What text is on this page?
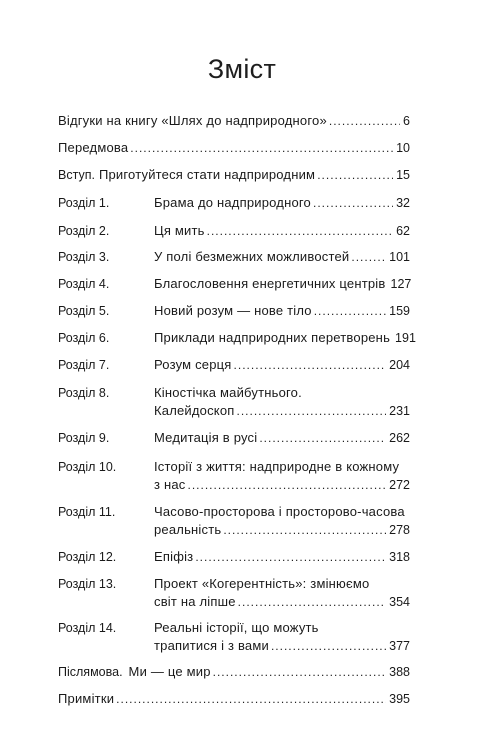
Зміст
Відгуки на книгу «Шлях до надприродного» .....	6
Передмова .....	10
Вступ. Приготуйтеся стати надприродним .....	15
Розділ 1.	Брама до надприродного .....	32
Розділ 2.	Ця мить .....	62
Розділ 3.	У полі безмежних можливостей .....	101
Розділ 4.	Благословення енергетичних центрів 127
Розділ 5.	Новий розум — нове тіло .....	159
Розділ 6.	Приклади надприродних перетворень 191
Розділ 7.	Розум серця .....	204
Розділ 8.	Кіностічка майбутнього.
Калейдоскоп .....	231
Розділ 9.	Медитація в русі .....	262
Розділ 10.	Історії з життя: надприродне в кожному
з нас .....	272
Розділ 11.	Часово-просторова і просторово-часова
реальність .....	278
Розділ 12.	Епіфіз .....	318
Розділ 13.	Проект «Когерентність»: змінюємо
світ на ліпше .....	354
Розділ 14.	Реальні історії, що можуть
трапитися і з вами .....	377
Післямова. Ми — це мир .....	388
Примітки .....	395
